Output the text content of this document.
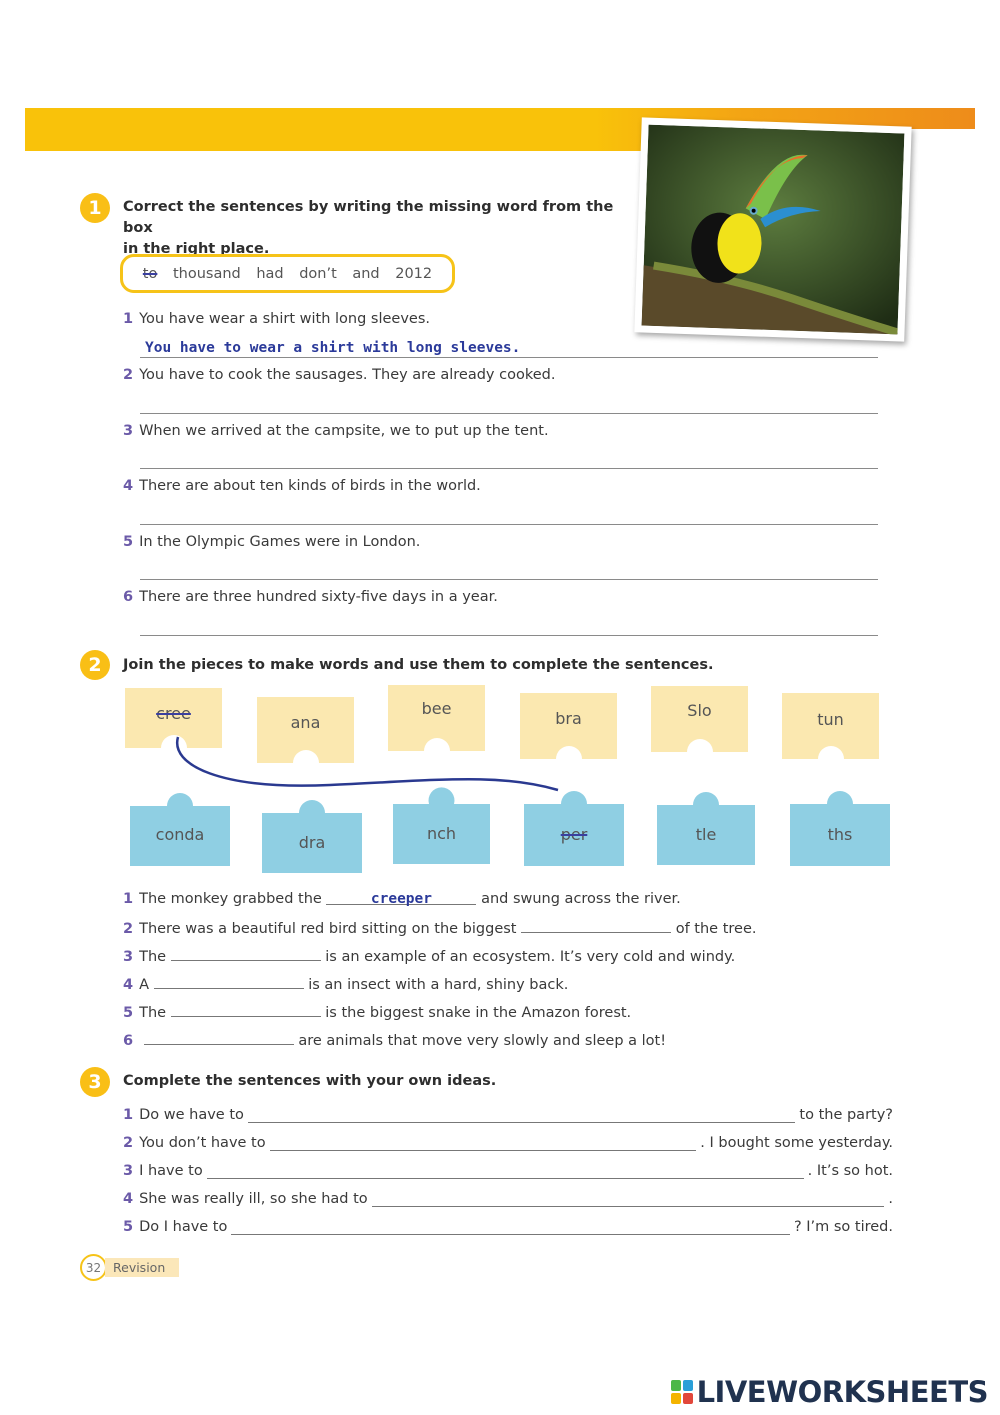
1	Correct the sentences by writing the missing word from the box
in the right place.
to thousand had don’t and 2012
1 You have wear a shirt with long sleeves.
You have to wear a shirt with long sleeves.
2 You have to cook the sausages. They are already cooked.
3 When we arrived at the campsite, we to put up the tent.
4 There are about ten kinds of birds in the world.
5 In the Olympic Games were in London.
6 There are three hundred sixty-five days in a year.
2	Join the pieces to make words and use them to complete the sentences.
cree	ana
bee
bra	Slo	tun
conda	dra	nch	per	tle	ths
1 The monkey grabbed the	creeper	and swung across the river.
2 There was a beautiful red bird sitting on the biggest	of the tree.
3 The	is an example of an ecosystem. It’s very cold and windy.
4 A	is an insect with a hard, shiny back.
5 The	is the biggest snake in the Amazon forest.
6	are animals that move very slowly and sleep a lot!
3	Complete the sentences with your own ideas.
1 Do we have to	to the party?
2 You don’t have to	. I bought some yesterday.
3 I have to	. It’s so hot.
4 She was really ill, so she had to	.
5 Do I have to	? I’m so tired.
32 Revision
LIVEWORKSHEETS
